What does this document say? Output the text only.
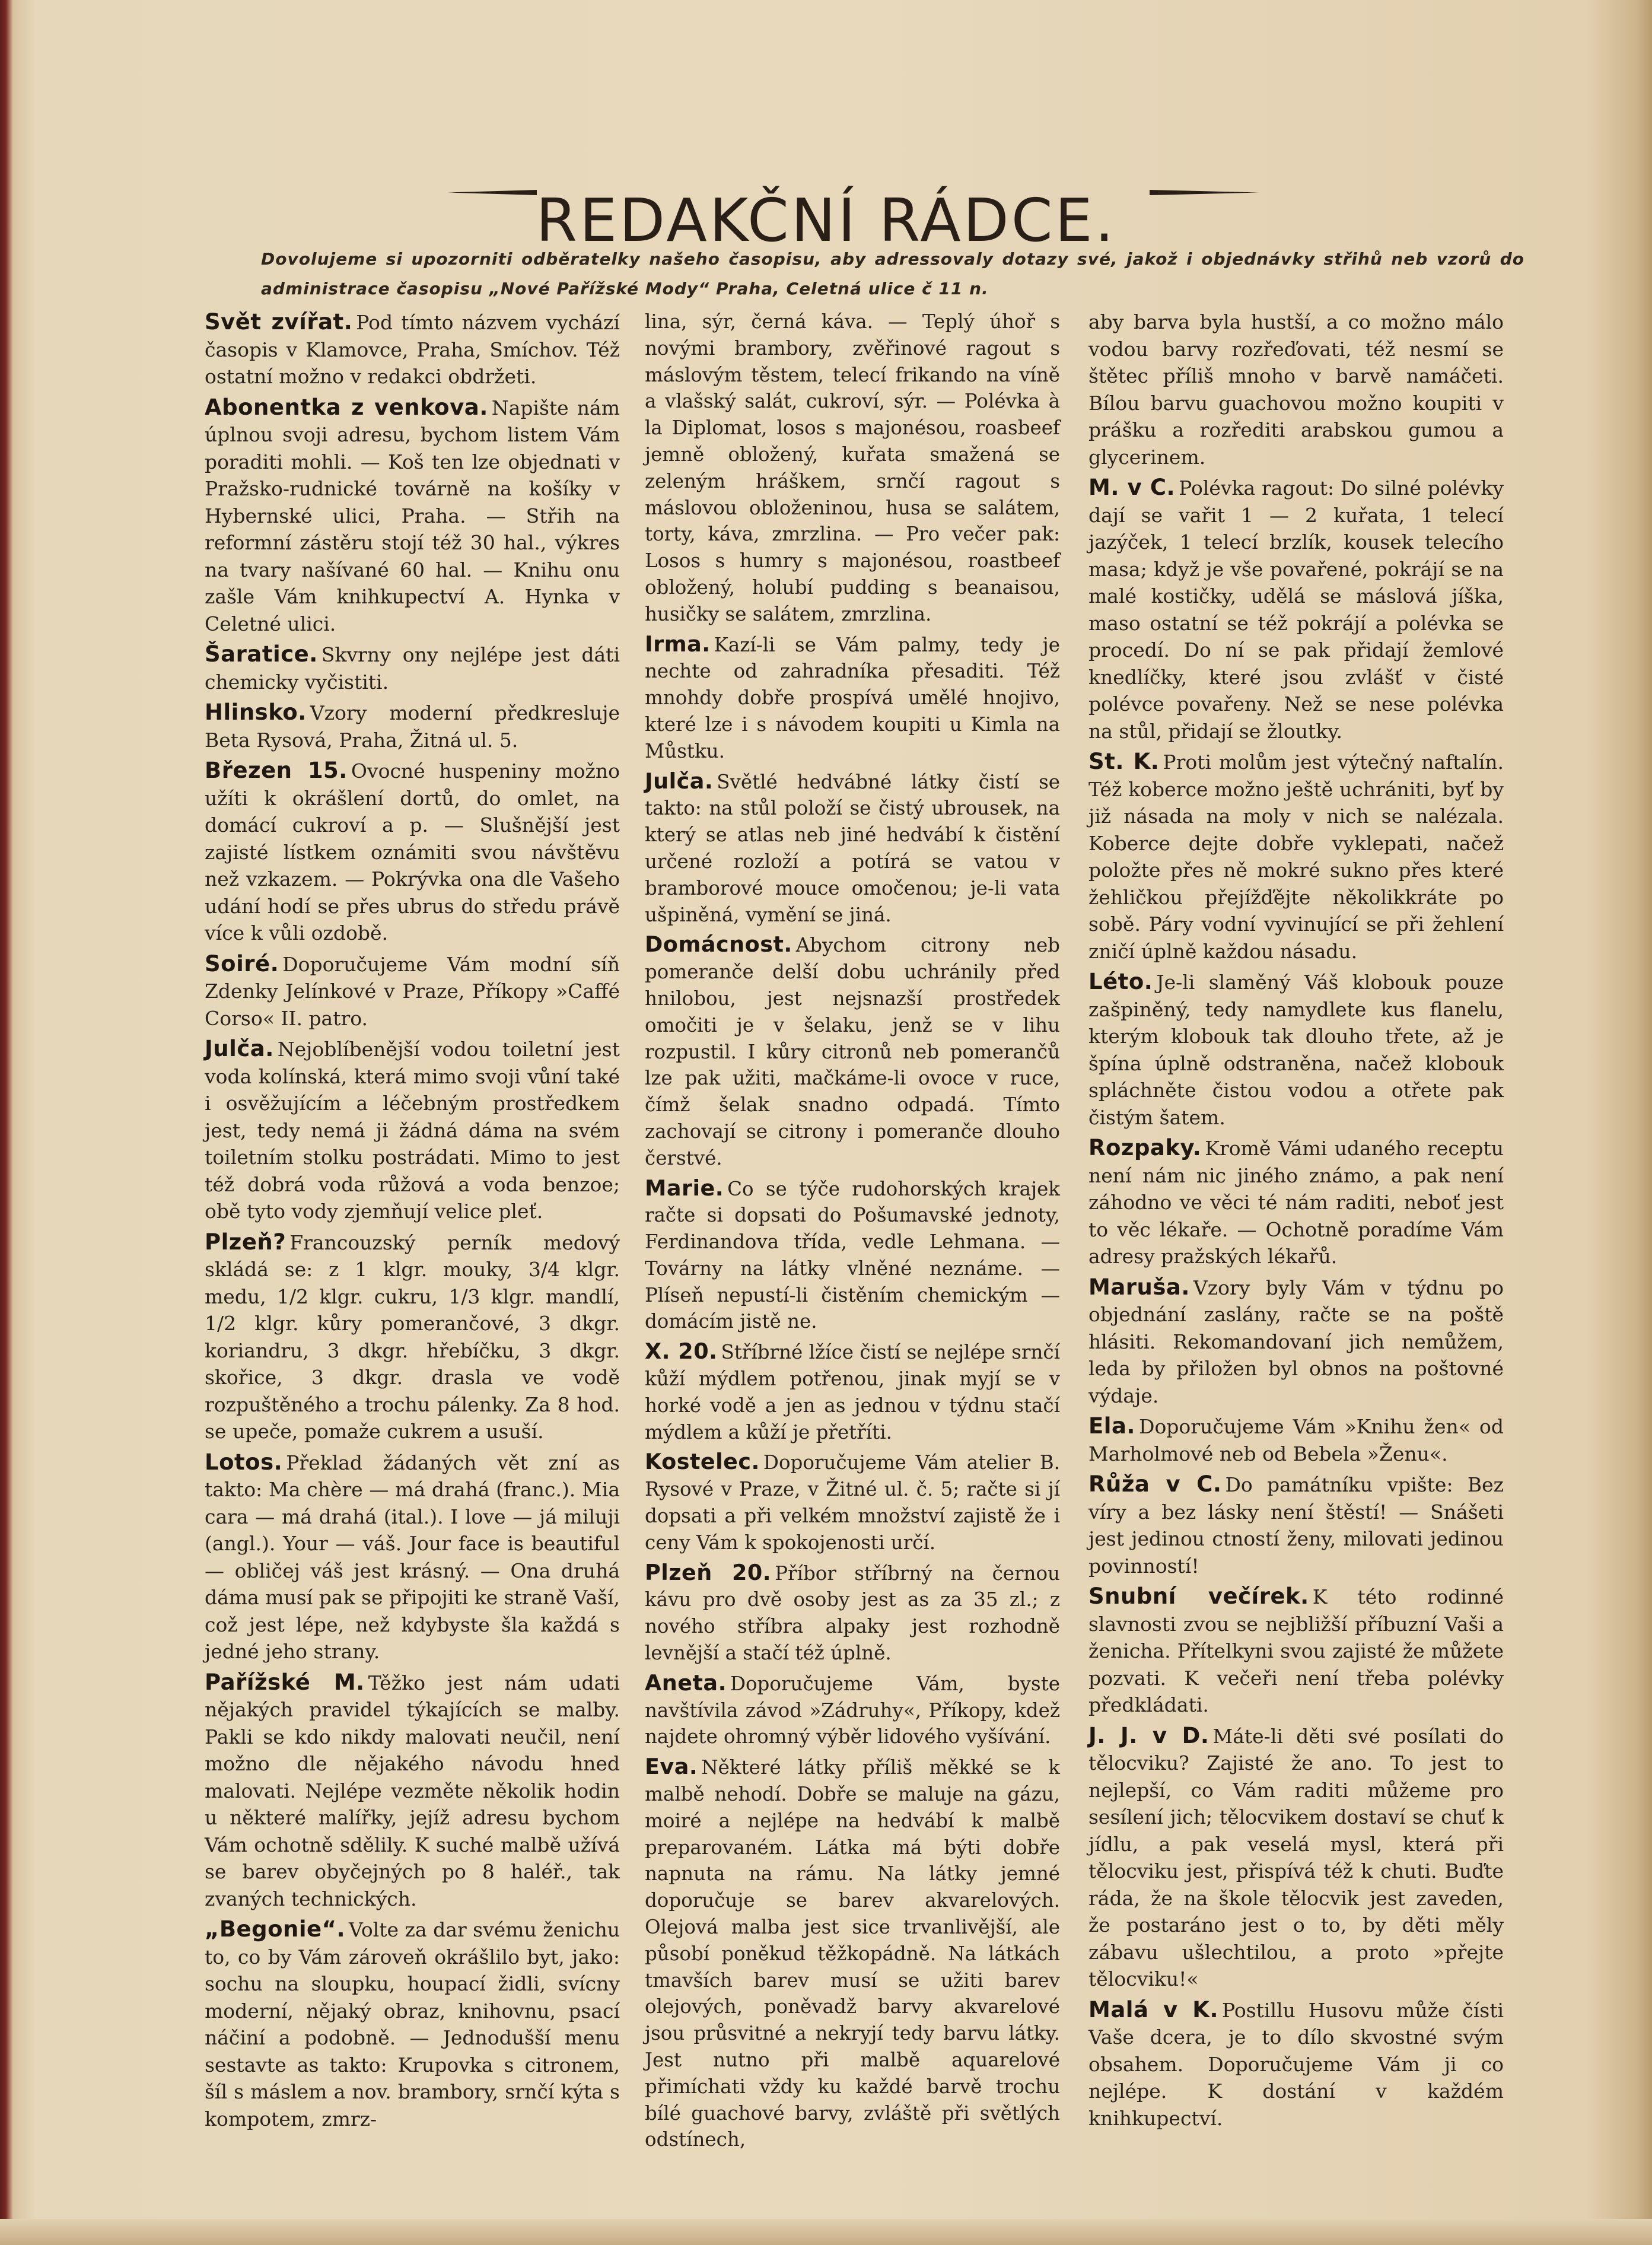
REDAKČNÍ RÁDCE.

Dovolujeme si upozorniti odběratelky našeho časopisu, aby adressovaly dotazy své, jakož i objednávky střihů neb vzorů do administrace časopisu „Nové Pařížské Mody“ Praha, Celetná ulice č 11 n.

Svět zvířat. Pod tímto názvem vychází časopis v Klamovce, Praha, Smíchov. Též ostatní možno v redakci obdržeti.

Abonentka z venkova. Napište nám úplnou svoji adresu, bychom listem Vám poraditi mohli. — Koš ten lze objednati v Pražsko-rudnické továrně na košíky v Hybernské ulici, Praha. — Střih na reformní zástěru stojí též 30 hal., výkres na tvary našívané 60 hal. — Knihu onu zašle Vám knihkupectví A. Hynka v Celetné ulici.

Šaratice. Skvrny ony nejlépe jest dáti chemicky vyčistiti.

Hlinsko. Vzory moderní předkresluje Beta Rysová, Praha, Žitná ul. 5.

Březen 15. Ovocné huspeniny možno užíti k okrášlení dortů, do omlet, na domácí cukroví a p. — Slušnější jest zajisté lístkem oznámiti svou návštěvu než vzkazem. — Pokrývka ona dle Vašeho udání hodí se přes ubrus do středu právě více k vůli ozdobě.

Soiré. Doporučujeme Vám modní síň Zdenky Jelínkové v Praze, Příkopy »Caffé Corso« II. patro.

Julča. Nejoblíbenější vodou toiletní jest voda kolínská, která mimo svoji vůní také i osvěžujícím a léčebným prostředkem jest, tedy nemá ji žádná dáma na svém toiletním stolku postrádati. Mimo to jest též dobrá voda růžová a voda benzoe; obě tyto vody zjemňují velice pleť.

Plzeň? Francouzský perník medový skládá se: z 1 klgr. mouky, 3/4 klgr. medu, 1/2 klgr. cukru, 1/3 klgr. mandlí, 1/2 klgr. kůry pomerančové, 3 dkgr. koriandru, 3 dkgr. hřebíčku, 3 dkgr. skořice, 3 dkgr. drasla ve vodě rozpuštěného a trochu pálenky. Za 8 hod. se upeče, pomaže cukrem a usuší.

Lotos. Překlad žádaných vět zní as takto: Ma chère — má drahá (franc.). Mia cara — má drahá (ital.). I love — já miluji (angl.). Your — váš. Jour face is beautiful — obličej váš jest krásný. — Ona druhá dáma musí pak se připojiti ke straně Vaší, což jest lépe, než kdybyste šla každá s jedné jeho strany.

Pařížské M. Těžko jest nám udati nějakých pravidel týkajících se malby. Pakli se kdo nikdy malovati neučil, není možno dle nějakého návodu hned malovati. Nejlépe vezměte několik hodin u některé malířky, jejíž adresu bychom Vám ochotně sdělily. K suché malbě užívá se barev obyčejných po 8 haléř., tak zvaných technických.

„Begonie“. Volte za dar svému ženichu to, co by Vám zároveň okrášlilo byt, jako: sochu na sloupku, houpací židli, svícny moderní, nějaký obraz, knihovnu, psací náčiní a podobně. — Jednodušší menu sestavte as takto: Krupovka s citronem, šíl s máslem a nov. brambory, srnčí kýta s kompotem, zmrz-

lina, sýr, černá káva. — Teplý úhoř s novými brambory, zvěřinové ragout s máslovým těstem, telecí frikando na víně a vlašský salát, cukroví, sýr. — Polévka à la Diplomat, losos s majonésou, roasbeef jemně obložený, kuřata smažená se zeleným hráškem, srnčí ragout s máslovou obloženinou, husa se salátem, torty, káva, zmrzlina. — Pro večer pak: Losos s humry s majonésou, roastbeef obložený, holubí pudding s beanaisou, husičky se salátem, zmrzlina.

Irma. Kazí-li se Vám palmy, tedy je nechte od zahradníka přesaditi. Též mnohdy dobře prospívá umělé hnojivo, které lze i s návodem koupiti u Kimla na Můstku.

Julča. Světlé hedvábné látky čistí se takto: na stůl položí se čistý ubrousek, na který se atlas neb jiné hedvábí k čistění určené rozloží a potírá se vatou v bramborové mouce omočenou; je-li vata ušpiněná, vymění se jiná.

Domácnost. Abychom citrony neb pomeranče delší dobu uchránily před hnilobou, jest nejsnazší prostředek omočiti je v šelaku, jenž se v lihu rozpustil. I kůry citronů neb pomerančů lze pak užiti, mačkáme-li ovoce v ruce, čímž šelak snadno odpadá. Tímto zachovají se citrony i pomeranče dlouho čerstvé.

Marie. Co se týče rudohorských krajek račte si dopsati do Pošumavské jednoty, Ferdinandova třída, vedle Lehmana. — Továrny na látky vlněné neznáme. — Plíseň nepustí-li čistěním chemickým — domácím jistě ne.

X. 20. Stříbrné lžíce čistí se nejlépe srnčí kůží mýdlem potřenou, jinak myjí se v horké vodě a jen as jednou v týdnu stačí mýdlem a kůží je přetříti.

Kostelec. Doporučujeme Vám atelier B. Rysové v Praze, v Žitné ul. č. 5; račte si jí dopsati a při velkém množství zajistě že i ceny Vám k spokojenosti určí.

Plzeň 20. Příbor stříbrný na černou kávu pro dvě osoby jest as za 35 zl.; z nového stříbra alpaky jest rozhodně levnější a stačí též úplně.

Aneta. Doporučujeme Vám, byste navštívila závod »Zádruhy«, Příkopy, kdež najdete ohromný výběr lidového vyšívání.

Eva. Některé látky příliš měkké se k malbě nehodí. Dobře se maluje na gázu, moiré a nejlépe na hedvábí k malbě preparovaném. Látka má býti dobře napnuta na rámu. Na látky jemné doporučuje se barev akvarelových. Olejová malba jest sice trvanlivější, ale působí poněkud těžkopádně. Na látkách tmavších barev musí se užiti barev olejových, poněvadž barvy akvarelové jsou průsvitné a nekryjí tedy barvu látky. Jest nutno při malbě aquarelové přimíchati vždy ku každé barvě trochu bílé guachové barvy, zvláště při světlých odstínech,

aby barva byla hustší, a co možno málo vodou barvy rozřeďovati, též nesmí se štětec příliš mnoho v barvě namáčeti. Bílou barvu guachovou možno koupiti v prášku a rozřediti arabskou gumou a glycerinem.

M. v C. Polévka ragout: Do silné polévky dají se vařit 1 — 2 kuřata, 1 telecí jazýček, 1 telecí brzlík, kousek telecího masa; když je vše povařené, pokrájí se na malé kostičky, udělá se máslová jíška, maso ostatní se též pokrájí a polévka se procedí. Do ní se pak přidají žemlové knedlíčky, které jsou zvlášť v čisté polévce povařeny. Než se nese polévka na stůl, přidají se žloutky.

St. K. Proti molům jest výtečný naftalín. Též koberce možno ještě uchrániti, byť by již násada na moly v nich se nalézala. Koberce dejte dobře vyklepati, načež položte přes ně mokré sukno přes které žehličkou přejížďějte několikkráte po sobě. Páry vodní vyvinující se při žehlení zničí úplně každou násadu.

Léto. Je-li slaměný Váš klobouk pouze zašpiněný, tedy namydlete kus flanelu, kterým klobouk tak dlouho třete, až je špína úplně odstraněna, načež klobouk spláchněte čistou vodou a otřete pak čistým šatem.

Rozpaky. Kromě Vámi udaného receptu není nám nic jiného známo, a pak není záhodno ve věci té nám raditi, neboť jest to věc lékaře. — Ochotně poradíme Vám adresy pražských lékařů.

Maruša. Vzory byly Vám v týdnu po objednání zaslány, račte se na poště hlásiti. Rekomandovaní jich nemůžem, leda by přiložen byl obnos na poštovné výdaje.

Ela. Doporučujeme Vám »Knihu žen« od Marholmové neb od Bebela »Ženu«.

Růža v C. Do památníku vpište: Bez víry a bez lásky není štěstí! — Snášeti jest jedinou ctností ženy, milovati jedinou povinností!

Snubní večírek. K této rodinné slavnosti zvou se nejbližší příbuzní Vaši a ženicha. Přítelkyni svou zajisté že můžete pozvati. K večeři není třeba polévky předkládati.

J. J. v D. Máte-li děti své posílati do tělocviku? Zajisté že ano. To jest to nejlepší, co Vám raditi můžeme pro sesílení jich; tělocvikem dostaví se chuť k jídlu, a pak veselá mysl, která při tělocviku jest, přispívá též k chuti. Buďte ráda, že na škole tělocvik jest zaveden, že postaráno jest o to, by děti měly zábavu ušlechtilou, a proto »přejte tělocviku!«

Malá v K. Postillu Husovu může čísti Vaše dcera, je to dílo skvostné svým obsahem. Doporučujeme Vám ji co nejlépe. K dostání v každém knihkupectví.
